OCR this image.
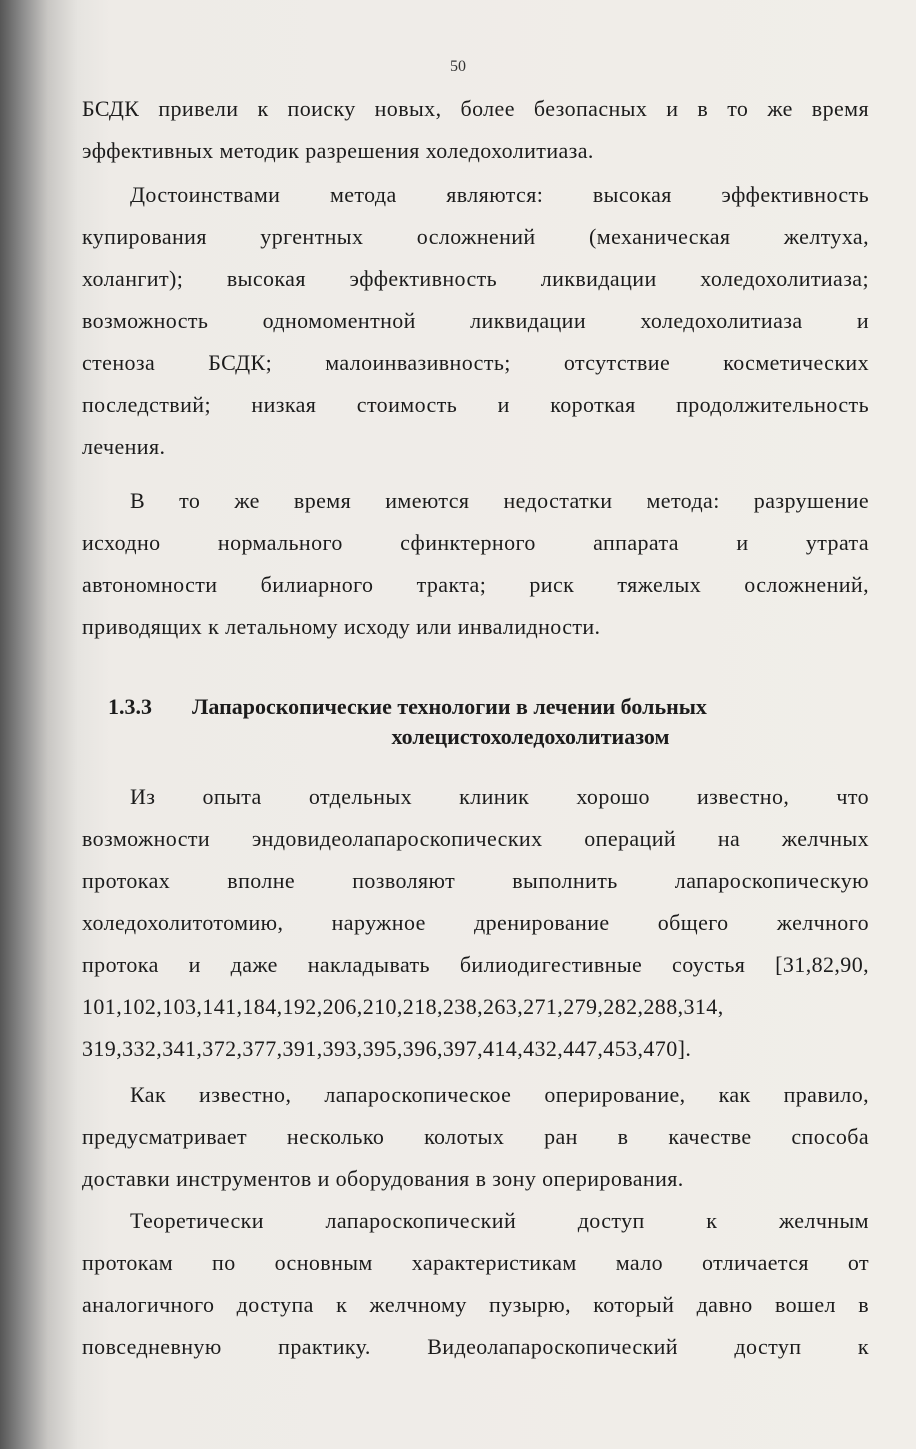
50
БСДК привели к поиску новых, более безопасных и в то же время
эффективных методик разрешения холедохолитиаза.
Достоинствами метода являются: высокая эффективность
купирования ургентных осложнений (механическая желтуха,
холангит); высокая эффективность ликвидации холедохолитиаза;
возможность одномоментной ликвидации холедохолитиаза и
стеноза БСДК; малоинвазивность; отсутствие косметических
последствий; низкая стоимость и короткая продолжительность
лечения.
В то же время имеются недостатки метода: разрушение
исходно нормального сфинктерного аппарата и утрата
автономности билиарного тракта; риск тяжелых осложнений,
приводящих к летальному исходу или инвалидности.
1.3.3 Лапароскопические технологии в лечении больных
холецистохоледохолитиазом
Из опыта отдельных клиник хорошо известно, что
возможности эндовидеолапароскопических операций на желчных
протоках вполне позволяют выполнить лапароскопическую
холедохолитотомию, наружное дренирование общего желчного
протока и даже накладывать билиодигестивные соустья [31,82,90,
101,102,103,141,184,192,206,210,218,238,263,271,279,282,288,314,
319,332,341,372,377,391,393,395,396,397,414,432,447,453,470].
Как известно, лапароскопическое оперирование, как правило,
предусматривает несколько колотых ран в качестве способа
доставки инструментов и оборудования в зону оперирования.
Теоретически лапароскопический доступ к желчным
протокам по основным характеристикам мало отличается от
аналогичного доступа к желчному пузырю, который давно вошел в
повседневную практику. Видеолапароскопический доступ к
